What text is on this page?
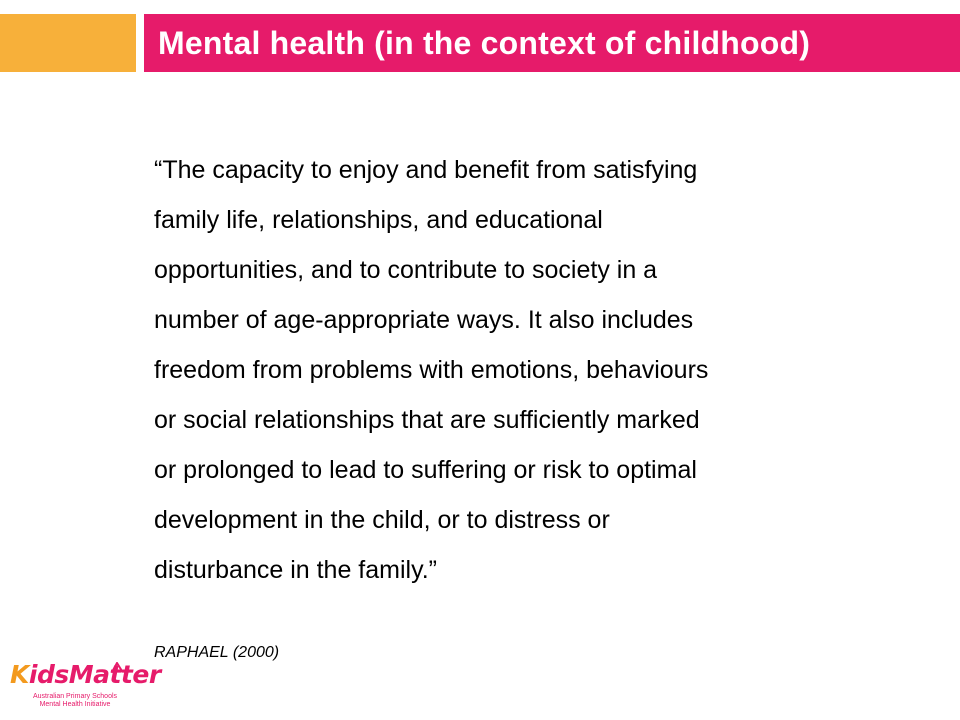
Mental health (in the context of childhood)
“The capacity to enjoy and benefit from satisfying
family life, relationships, and educational
opportunities, and to contribute to society in a
number of age-appropriate ways. It also includes
freedom from problems with emotions, behaviours
or social relationships that are sufficiently marked
or prolonged to lead to suffering or risk to optimal
development in the child, or to distress or
disturbance in the family.”
RAPHAEL (2000)
KidsMatter
Australian Primary Schools
Mental Health Initiative
